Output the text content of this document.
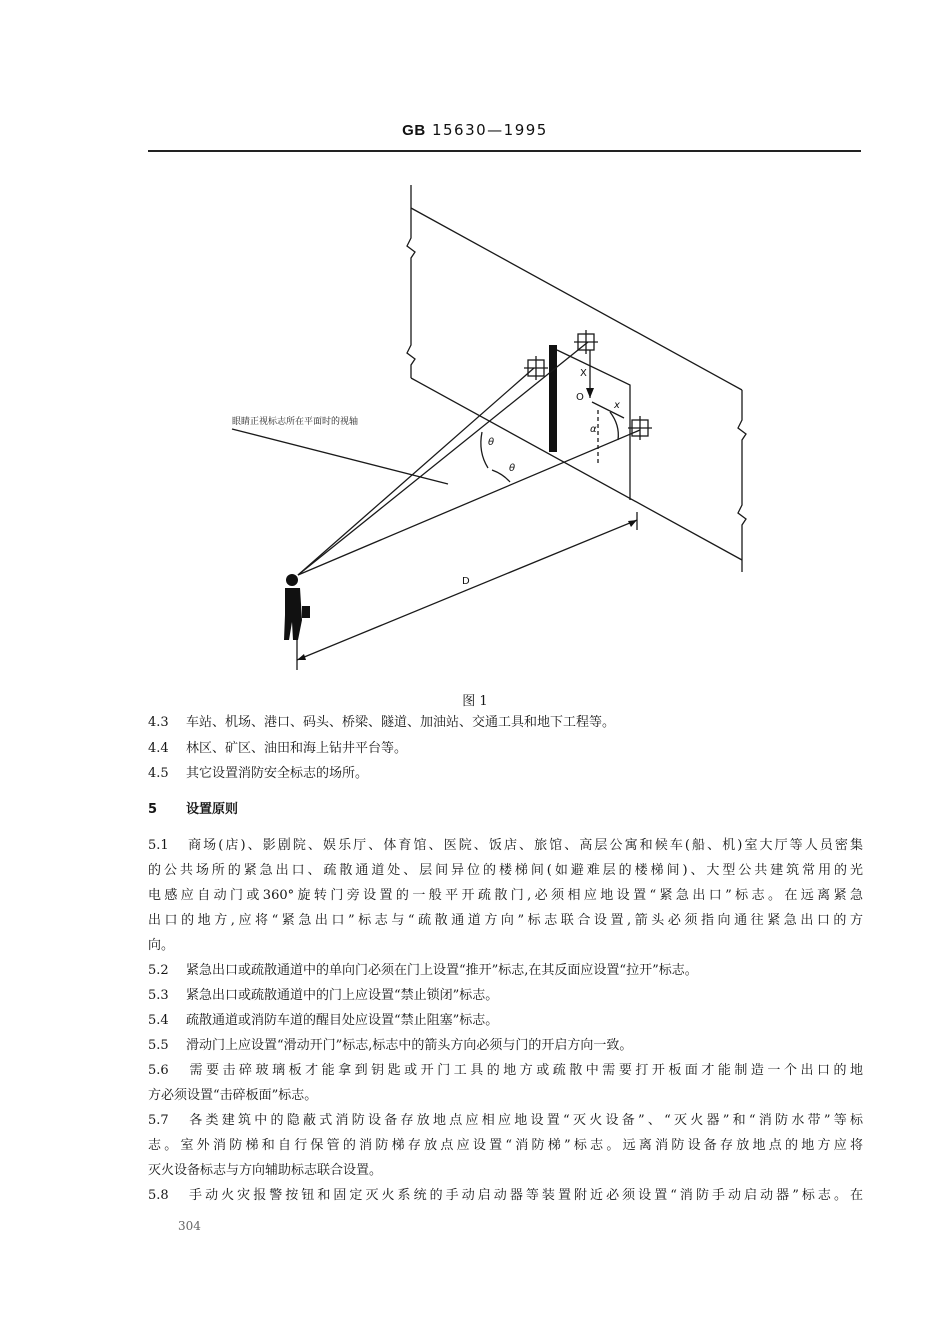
GB 15630—1995
眼睛正视标志所在平面时的视轴
X
x
O
θ
θ
α
D
图 1
4.3 车站、机场、港口、码头、桥梁、隧道、加油站、交通工具和地下工程等。
4.4 林区、矿区、油田和海上钻井平台等。
4.5 其它设置消防安全标志的场所。
5 设置原则
5.1 商场(店)、影剧院、娱乐厅、体育馆、医院、饭店、旅馆、高层公寓和候车(船、机)室大厅等人员密集
的公共场所的紧急出口、疏散通道处、层间异位的楼梯间(如避难层的楼梯间)、大型公共建筑常用的光
电感应自动门或360°旋转门旁设置的一般平开疏散门,必须相应地设置“紧急出口”标志。在远离紧急
出口的地方,应将“紧急出口”标志与“疏散通道方向”标志联合设置,箭头必须指向通往紧急出口的方
向。
5.2 紧急出口或疏散通道中的单向门必须在门上设置“推开”标志,在其反面应设置“拉开”标志。
5.3 紧急出口或疏散通道中的门上应设置“禁止锁闭”标志。
5.4 疏散通道或消防车道的醒目处应设置“禁止阻塞”标志。
5.5 滑动门上应设置“滑动开门”标志,标志中的箭头方向必须与门的开启方向一致。
5.6 需要击碎玻璃板才能拿到钥匙或开门工具的地方或疏散中需要打开板面才能制造一个出口的地
方必须设置“击碎板面”标志。
5.7 各类建筑中的隐蔽式消防设备存放地点应相应地设置“灭火设备”、“灭火器”和“消防水带”等标
志。室外消防梯和自行保管的消防梯存放点应设置“消防梯”标志。远离消防设备存放地点的地方应将
灭火设备标志与方向辅助标志联合设置。
5.8 手动火灾报警按钮和固定灭火系统的手动启动器等装置附近必须设置“消防手动启动器”标志。在
304
